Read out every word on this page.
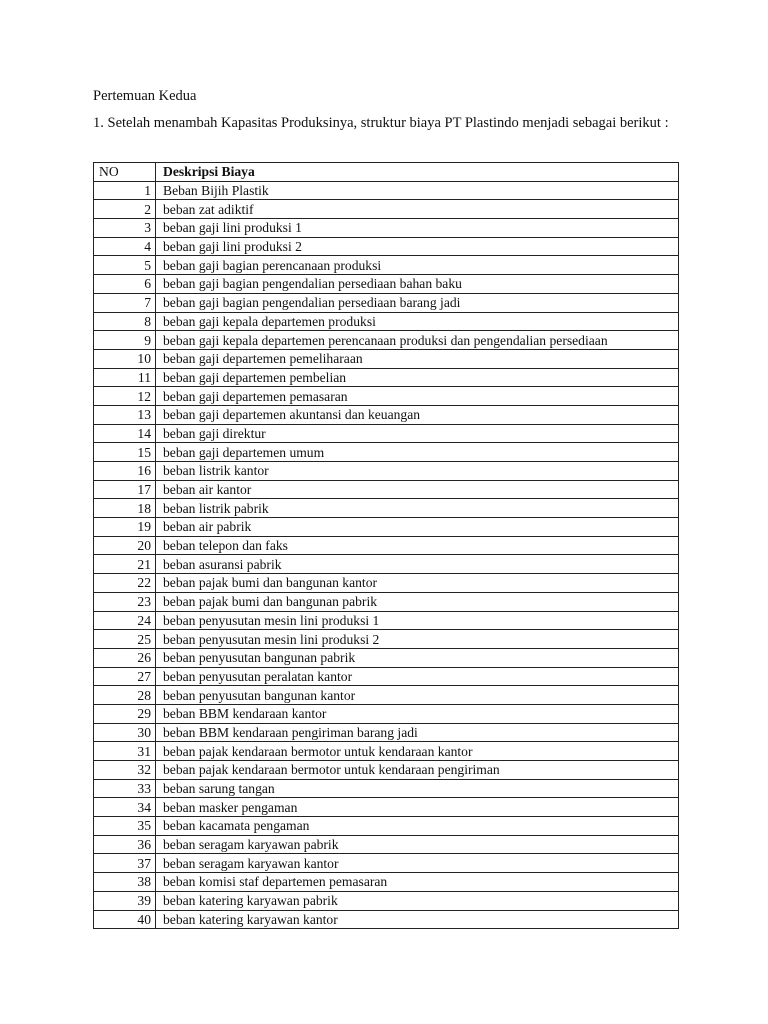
Pertemuan Kedua
1. Setelah menambah Kapasitas Produksinya, struktur biaya PT Plastindo menjadi sebagai berikut :
NO	Deskripsi Biaya
1	Beban Bijih Plastik
2	beban zat adiktif
3	beban gaji lini produksi 1
4	beban gaji lini produksi 2
5	beban gaji bagian perencanaan produksi
6	beban gaji bagian pengendalian persediaan bahan baku
7	beban gaji bagian pengendalian persediaan barang jadi
8	beban gaji kepala departemen produksi
9	beban gaji kepala departemen perencanaan produksi dan pengendalian persediaan
10	beban gaji departemen pemeliharaan
11	beban gaji departemen pembelian
12	beban gaji departemen pemasaran
13	beban gaji departemen akuntansi dan keuangan
14	beban gaji direktur
15	beban gaji departemen umum
16	beban listrik kantor
17	beban air kantor
18	beban listrik pabrik
19	beban air pabrik
20	beban telepon dan faks
21	beban asuransi pabrik
22	beban pajak bumi dan bangunan kantor
23	beban pajak bumi dan bangunan pabrik
24	beban penyusutan mesin lini produksi 1
25	beban penyusutan mesin lini produksi 2
26	beban penyusutan bangunan pabrik
27	beban penyusutan peralatan kantor
28	beban penyusutan bangunan kantor
29	beban BBM kendaraan kantor
30	beban BBM kendaraan pengiriman barang jadi
31	beban pajak kendaraan bermotor untuk kendaraan kantor
32	beban pajak kendaraan bermotor untuk kendaraan pengiriman
33	beban sarung tangan
34	beban masker pengaman
35	beban kacamata pengaman
36	beban seragam karyawan pabrik
37	beban seragam karyawan kantor
38	beban komisi staf departemen pemasaran
39	beban katering karyawan pabrik
40	beban katering karyawan kantor
